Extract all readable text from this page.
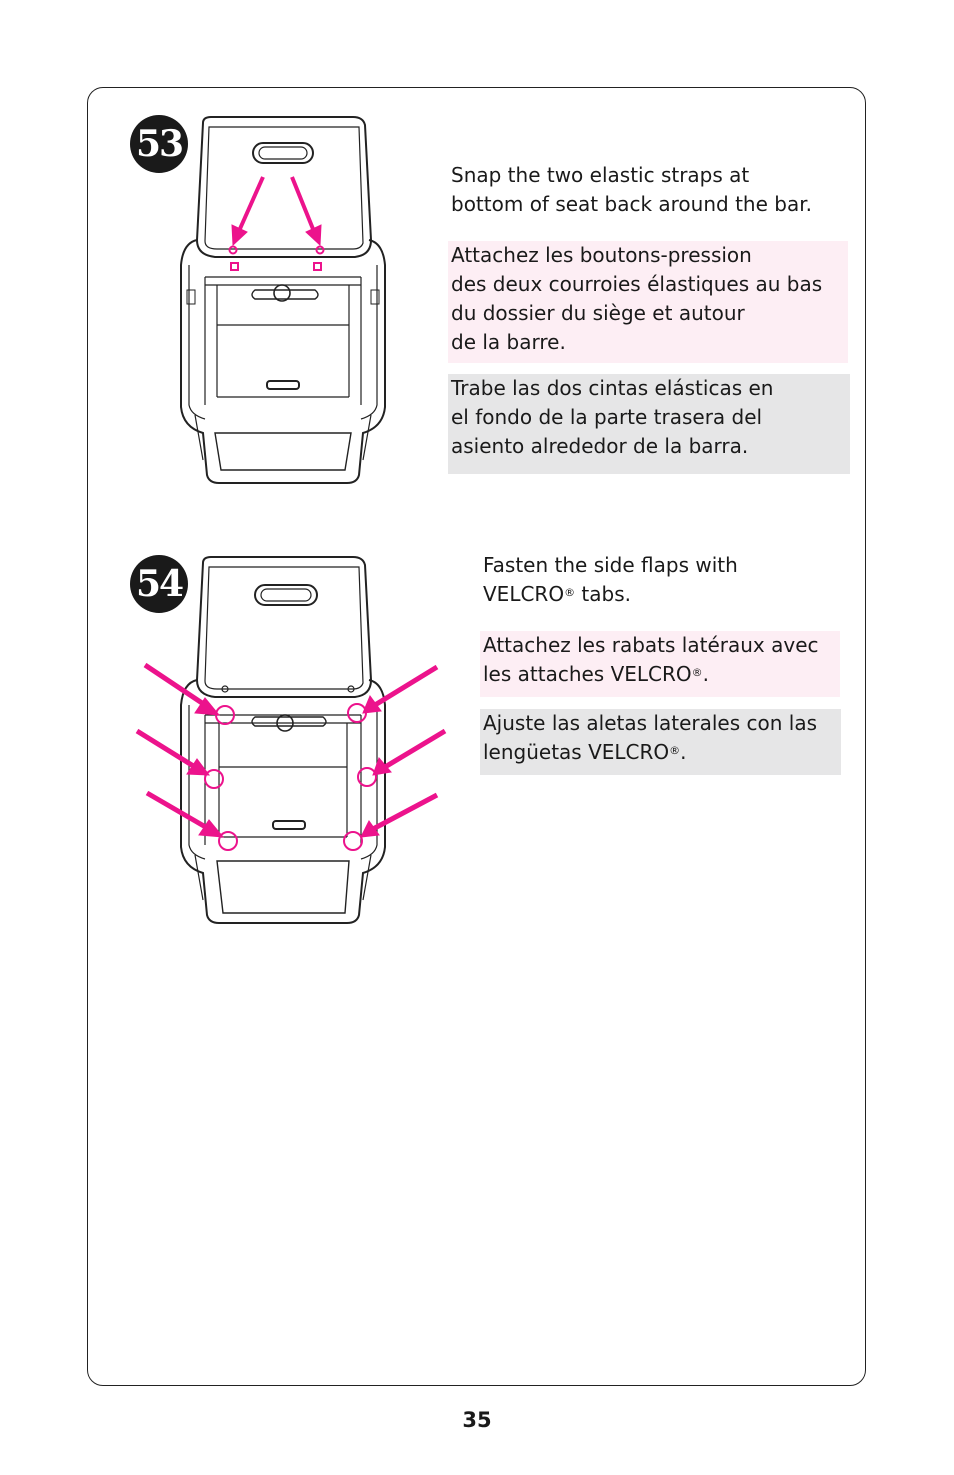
53
Snap the two elastic straps at
bottom of seat back around the bar.
Attachez les boutons-pression
des deux courroies élastiques au bas
du dossier du siège et autour
de la barre.
Trabe las dos cintas elásticas en
el fondo de la parte trasera del
asiento alrededor de la barra.
54	Fasten the side flaps with
VELCRO® tabs.
Attachez les rabats latéraux avec
les attaches VELCRO®.
Ajuste las aletas laterales con las
lengüetas VELCRO®.
35
